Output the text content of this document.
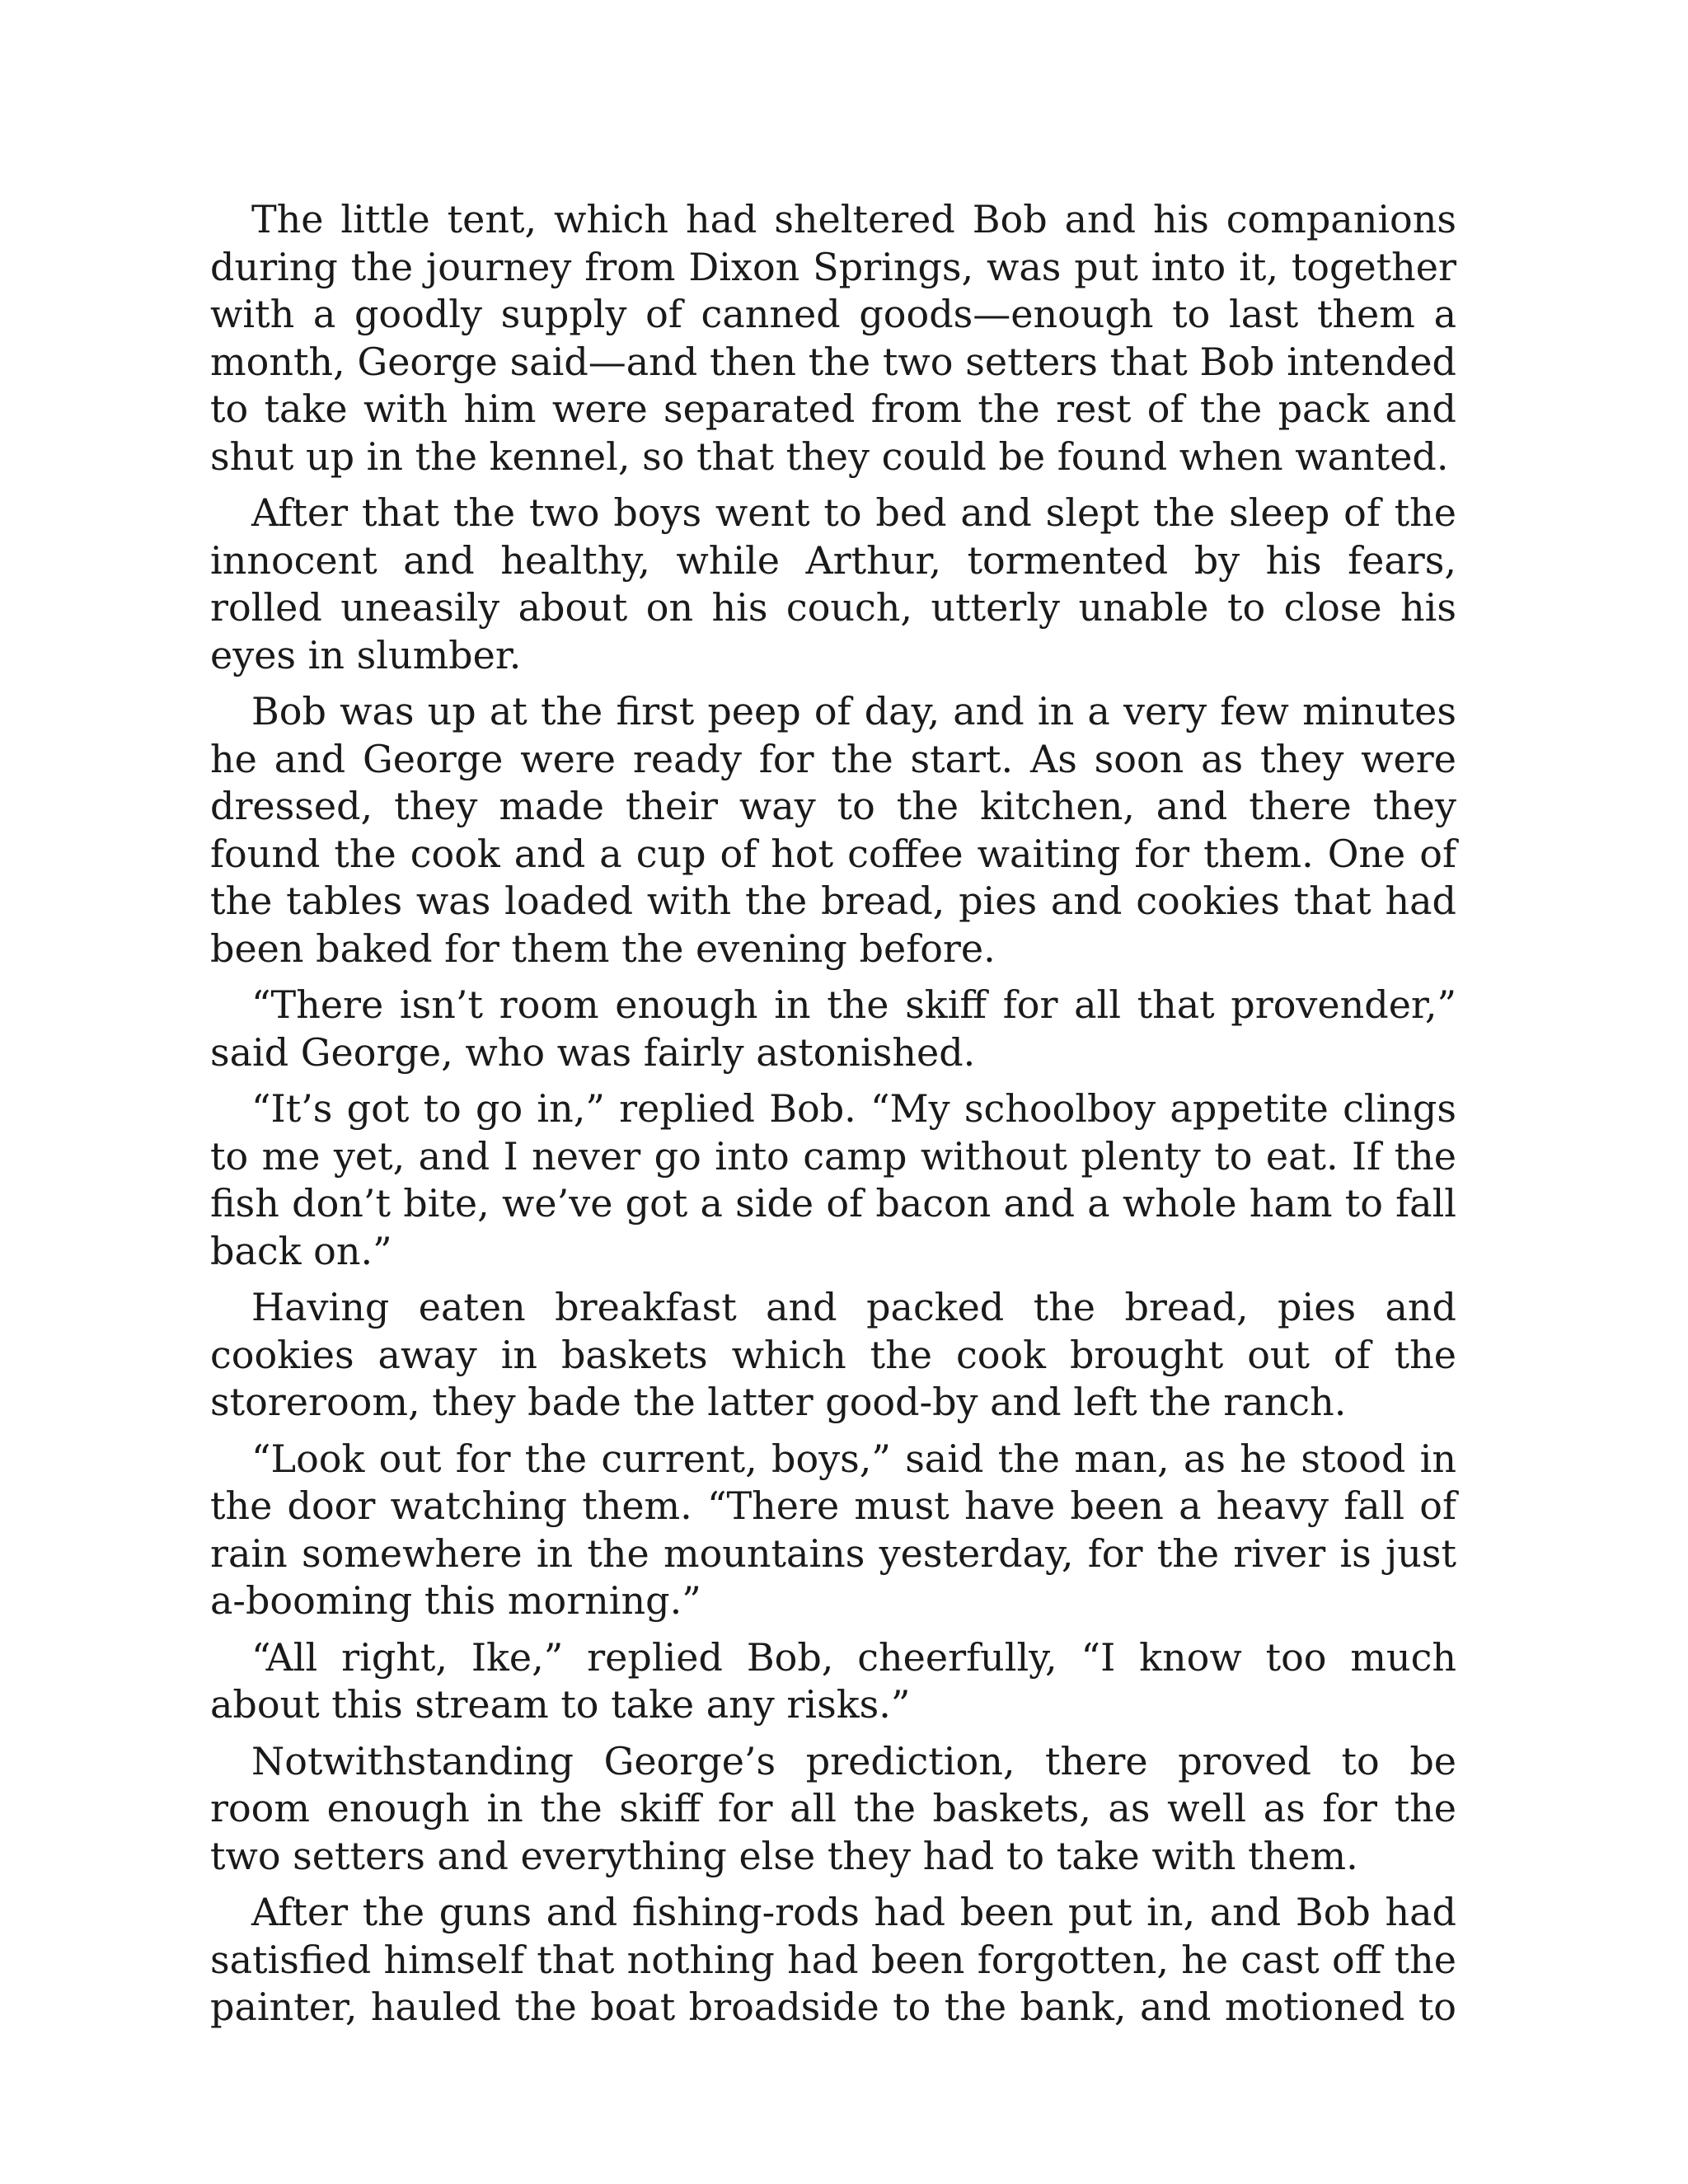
The little tent, which had sheltered Bob and his companions during the journey from Dixon Springs, was put into it, together with a goodly supply of canned goods—enough to last them a month, George said—and then the two setters that Bob intended to take with him were separated from the rest of the pack and shut up in the kennel, so that they could be found when wanted.

After that the two boys went to bed and slept the sleep of the innocent and healthy, while Arthur, tormented by his fears, rolled uneasily about on his couch, utterly unable to close his eyes in slumber.

Bob was up at the first peep of day, and in a very few minutes he and George were ready for the start. As soon as they were dressed, they made their way to the kitchen, and there they found the cook and a cup of hot coffee waiting for them. One of the tables was loaded with the bread, pies and cookies that had been baked for them the evening before.

“There isn’t room enough in the skiff for all that provender,” said George, who was fairly astonished.

“It’s got to go in,” replied Bob. “My schoolboy appetite clings to me yet, and I never go into camp without plenty to eat. If the fish don’t bite, we’ve got a side of bacon and a whole ham to fall back on.”

Having eaten breakfast and packed the bread, pies and cookies away in baskets which the cook brought out of the storeroom, they bade the latter good-by and left the ranch.

“Look out for the current, boys,” said the man, as he stood in the door watching them. “There must have been a heavy fall of rain somewhere in the mountains yesterday, for the river is just a-booming this morning.”

“All right, Ike,” replied Bob, cheerfully, “I know too much about this stream to take any risks.”

Notwithstanding George’s prediction, there proved to be room enough in the skiff for all the baskets, as well as for the two setters and everything else they had to take with them.

After the guns and fishing-rods had been put in, and Bob had satisfied himself that nothing had been forgotten, he cast off the painter, hauled the boat broadside to the bank, and motioned to
